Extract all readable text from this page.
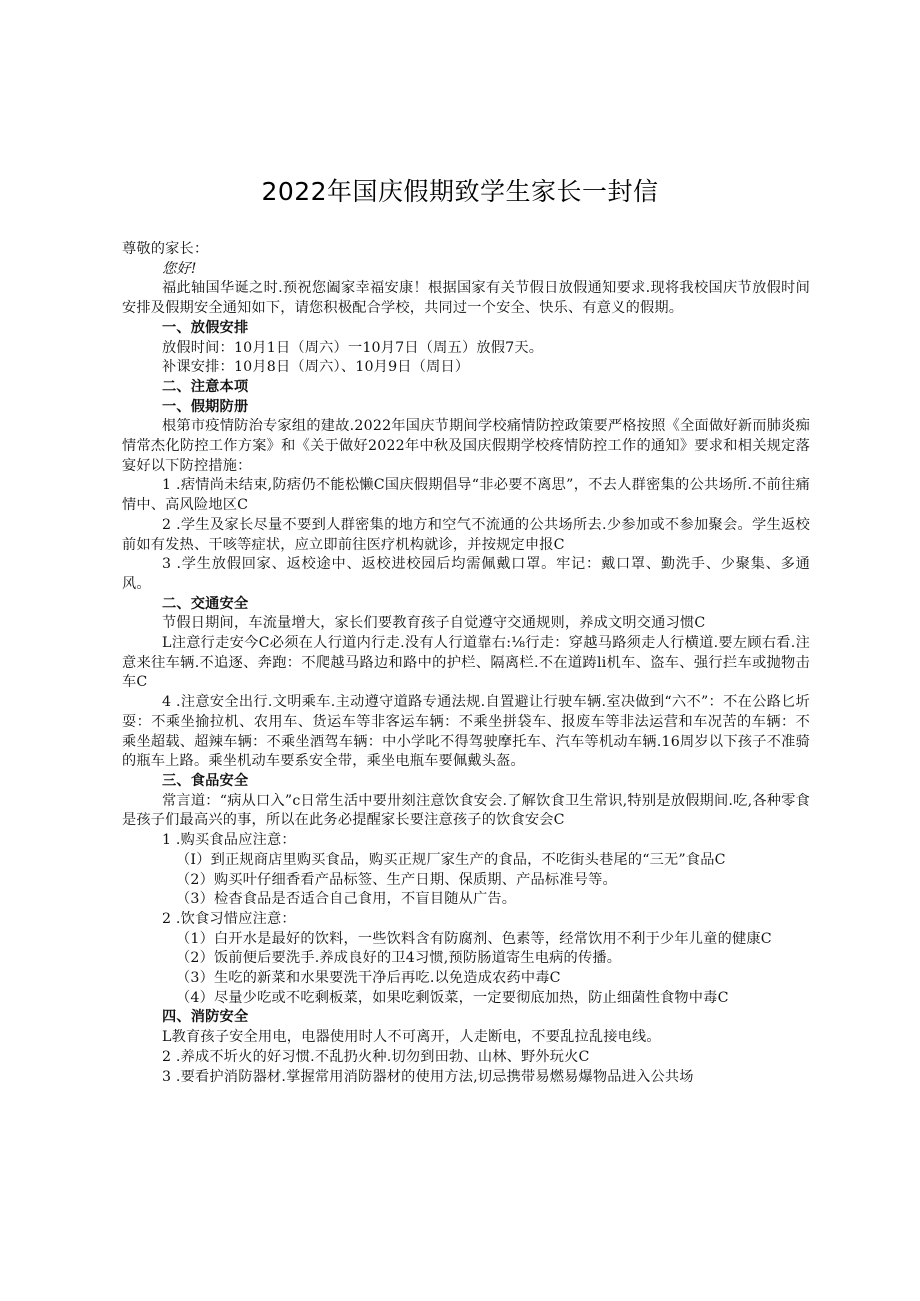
2022年国庆假期致学生家长一封信

尊敬的家长：

您好!

福此轴国华诞之时.预祝您阖家幸福安康！根据国家有关节假日放假通知要求.现将我校国庆节放假时间安排及假期安全通知如下，请您积极配合学校，共同过一个安全、快乐、有意义的假期。

一、放假安排

放假时间：10月1日（周六）一10月7日（周五）放假7天。

补课安排：10月8日（周六）、10月9日（周日）

二、注意本项

一、假期防册

根第市疫情防治专家组的建故.2022年国庆节期间学校痛情防控政策要严格按照《全面做好新而肺炎痴情常杰化防控工作方案》和《关于做好2022年中秋及国庆假期学校疼情防控工作的通知》要求和相关规定落宴好以下防控措施：

1 .痞情尚未结束,防痞仍不能松懒C国庆假期倡导“非必要不离思”，不去人群密集的公共场所.不前往痛情中、高风险地区C

2 .学生及家长尽量不要到人群密集的地方和空气不流通的公共场所去.少参加或不参加聚会。学生返校前如有发热、干咳等症状，应立即前往医疗机构就诊，并按规定申报C

3 .学生放假回家、返校途中、返校进校园后均需佩戴口罩。牢记：戴口罩、勤洗手、少聚集、多通风。

二、交通安全

节假日期间，车流量增大，家长们要教育孩子自觉遵守交通规则，养成文明交通习惯C

L注意行走安今C必须在人行道内行走.没有人行道靠右:⅛行走：穿越马路须走人行横道.要左顾右看.注意来往车辆.不追逐、奔跑：不爬越马路边和路中的护栏、隔离栏.不在道踌li机车、盗车、强行拦车或抛物击车C

4 .注意安全出行.文明乘车.主动遵守道路专通法规.自置避让行驶车辆.室决做到“六不”：不在公路匕圻耍：不乘坐揄拉机、农用车、货运车等非客运车辆：不乘坐拼袋车、报废车等非法运营和车况苦的车辆：不乘坐超载、超辣车辆：不乘坐酒驾车辆：中小学叱不得驾驶摩托车、汽车等机动车辆.16周岁以下孩子不准骑的瓶车上路。乘坐机动车要系安全带，乘坐电瓶车要佩戴头盔。

三、食品安全

常言道：“病从口入”c日常生活中要卅刻注意饮食安会.了解饮食卫生常识,特别是放假期间.吃,各种零食是孩子们最高兴的事，所以在此务必提醒家长要注意孩子的饮食安会C

1 .购买食品应注意：

（I）到正规商店里购买食品，购买正规厂家生产的食品，不吃街头巷尾的“三无”食品C

（2）购买叶仔细香看产品标签、生产日期、保质期、产品标准号等。

（3）检杳食品是否适合自己食用，不盲目随从广告。

2 .饮食习惜应注意：

（1）白开水是最好的饮料，一些饮料含有防腐剂、色素等，经常饮用不利于少年儿童的健康C

（2）饭前便后要洗手.养成良好的卫4习惯,预防肠道寄生电病的传播。

（3）生吃的新菜和水果要洗干净后再吃.以免造成农药中毒C

（4）尽量少吃或不吃剩板菜，如果吃剩饭菜，一定要彻底加热，防止细菌性食物中毒C

四、消防安全

L教育孩子安全用电，电器使用时人不可离开，人走断电，不要乱拉乱接电线。

2 .养成不圻火的好习惯.不乱扔火种.切勿到田勃、山林、野外玩火C

3 .要看护消防器材.掌握常用消防器材的使用方法,切忌携带易燃易爆物品进入公共场
